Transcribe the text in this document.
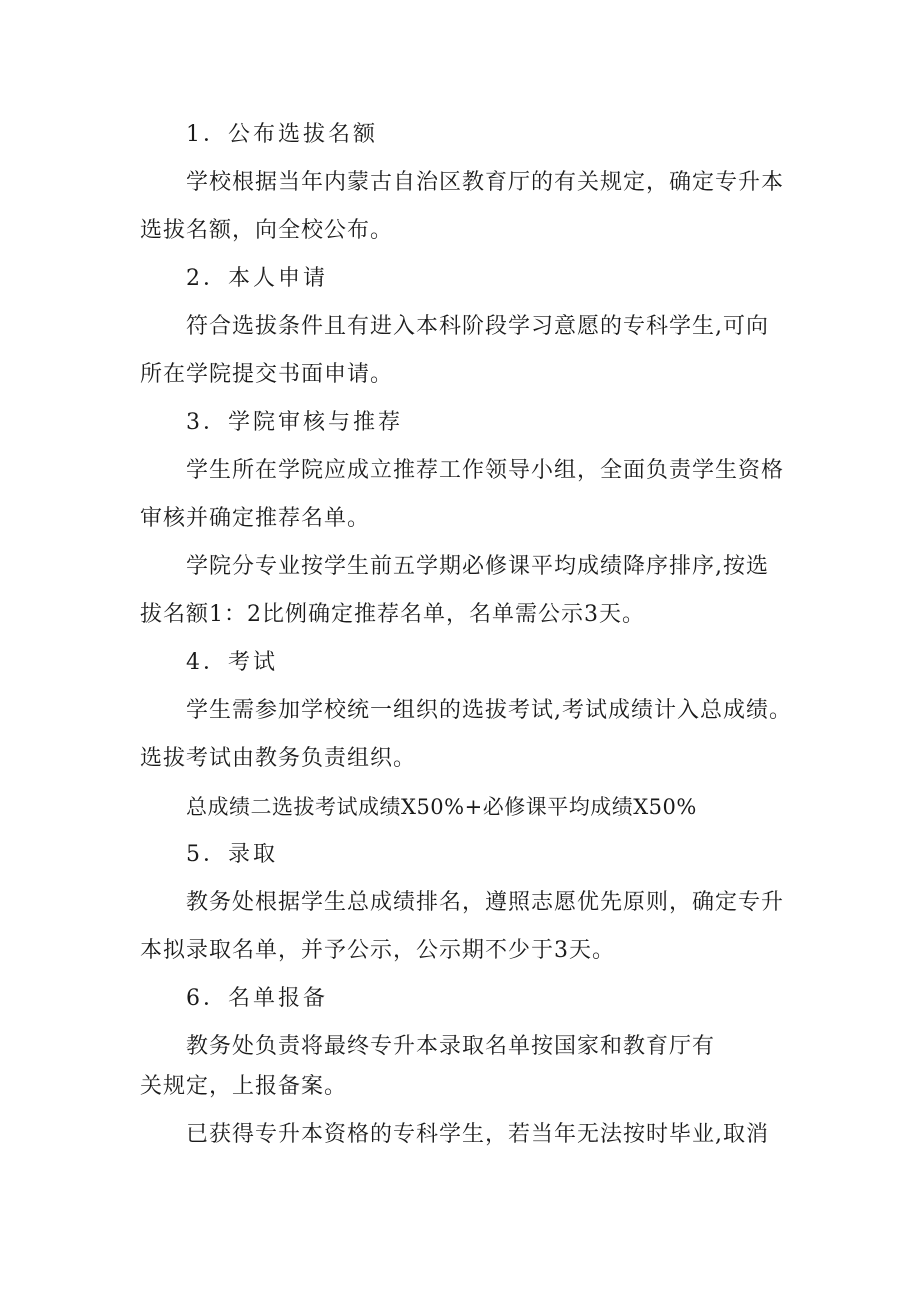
1．公布选拔名额
学校根据当年内蒙古自治区教育厅的有关规定，确定专升本
选拔名额，向全校公布。
2．本人申请
符合选拔条件且有进入本科阶段学习意愿的专科学生,可向
所在学院提交书面申请。
3．学院审核与推荐
学生所在学院应成立推荐工作领导小组，全面负责学生资格
审核并确定推荐名单。
学院分专业按学生前五学期必修课平均成绩降序排序,按选
拔名额1：2比例确定推荐名单，名单需公示3天。
4．考试
学生需参加学校统一组织的选拔考试,考试成绩计入总成绩。
选拔考试由教务负责组织。
总成绩二选拔考试成绩X50%+必修课平均成绩X50%
5．录取
教务处根据学生总成绩排名，遵照志愿优先原则，确定专升
本拟录取名单，并予公示，公示期不少于3天。
6．名单报备
教务处负责将最终专升本录取名单按国家和教育厅有
关规定，上报备案。
已获得专升本资格的专科学生，若当年无法按时毕业,取消
